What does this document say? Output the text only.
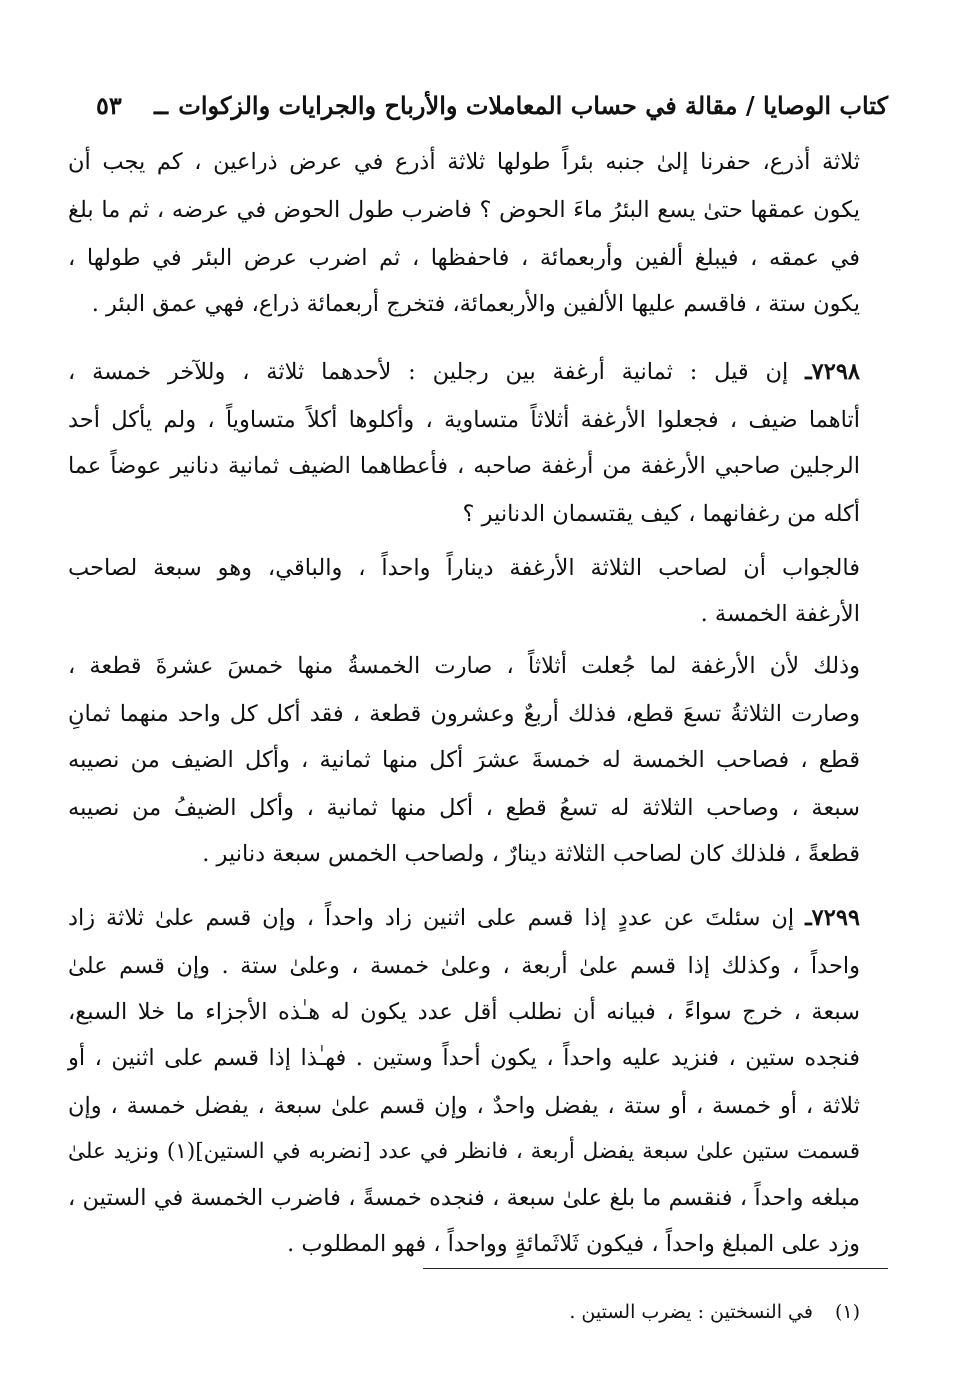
كتاب الوصايا / مقالة في حساب المعاملات والأرباح والجرايات والزكوات
ــ
٥٣
ثلاثة أذرع، حفرنا إلىٰ جنبه بئراً طولها ثلاثة أذرع في عرض ذراعين ، كم يجب أن
يكون عمقها حتىٰ يسع البئرُ ماءَ الحوض ؟ فاضرب طول الحوض في عرضه ، ثم ما بلغ
في عمقه ، فيبلغ ألفين وأربعمائة ، فاحفظها ، ثم اضرب عرض البئر في طولها ،
يكون ستة ، فاقسم عليها الألفين والأربعمائة، فتخرج أربعمائة ذراع، فهي عمق البئر .
٧٢٩٨ـ إن قيل : ثمانية أرغفة بين رجلين : لأحدهما ثلاثة ، وللآخر خمسة ،
أتاهما ضيف ، فجعلوا الأرغفة أثلاثاً متساوية ، وأكلوها أكلاً متساوياً ، ولم يأكل أحد
الرجلين صاحبي الأرغفة من أرغفة صاحبه ، فأعطاهما الضيف ثمانية دنانير عوضاً عما
أكله من رغفانهما ، كيف يقتسمان الدنانير ؟
فالجواب أن لصاحب الثلاثة الأرغفة ديناراً واحداً ، والباقي، وهو سبعة لصاحب
الأرغفة الخمسة .
وذلك لأن الأرغفة لما جُعلت أثلاثاً ، صارت الخمسةُ منها خمسَ عشرةَ قطعة ،
وصارت الثلاثةُ تسعَ قطع، فذلك أربعٌ وعشرون قطعة ، فقد أكل كل واحد منهما ثمانِ
قطع ، فصاحب الخمسة له خمسةَ عشرَ أكل منها ثمانية ، وأكل الضيف من نصيبه
سبعة ، وصاحب الثلاثة له تسعُ قطع ، أكل منها ثمانية ، وأكل الضيفُ من نصيبه
قطعةً ، فلذلك كان لصاحب الثلاثة دينارٌ ، ولصاحب الخمس سبعة دنانير .
٧٢٩٩ـ إن سئلتَ عن عددٍ إذا قسم على اثنين زاد واحداً ، وإن قسم علىٰ ثلاثة زاد
واحداً ، وكذلك إذا قسم علىٰ أربعة ، وعلىٰ خمسة ، وعلىٰ ستة . وإن قسم علىٰ
سبعة ، خرج سواءً ، فبيانه أن نطلب أقل عدد يكون له هـٰذه الأجزاء ما خلا السبع،
فنجده ستين ، فنزيد عليه واحداً ، يكون أحداً وستين . فهـٰذا إذا قسم على اثنين ، أو
ثلاثة ، أو خمسة ، أو ستة ، يفضل واحدٌ ، وإن قسم علىٰ سبعة ، يفضل خمسة ، وإن
قسمت ستين علىٰ سبعة يفضل أربعة ، فانظر في عدد [نضربه في الستين](١) ونزيد علىٰ
مبلغه واحداً ، فنقسم ما بلغ علىٰ سبعة ، فنجده خمسةً ، فاضرب الخمسة في الستين ،
وزد على المبلغ واحداً ، فيكون ثَلاثَمائةٍ وواحداً ، فهو المطلوب .
(١)في النسختين : يضرب الستين .
